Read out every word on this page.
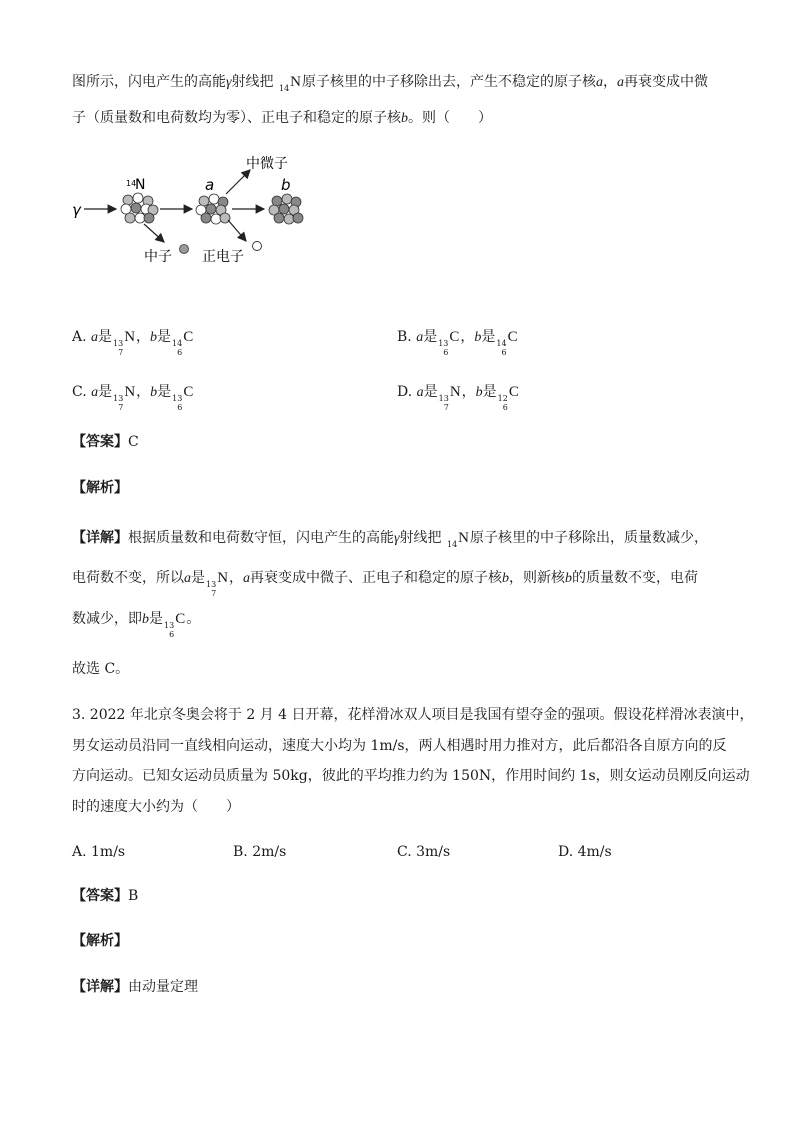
图所示，闪电产生的高能γ射线把 14
N原子核里的中子移除出去，产生不稳定的原子核a，a再衰变成中微
子（质量数和电荷数均为零）、正电子和稳定的原子核b。则（　　）
γ
14
N
中子
a
中微子
正电子
b
A. a是 13
7
N，b是 14
6
C	B. a是 13
6
C，b是 14
6
C
C. a是 13
7
N，b是 13
6
C	D. a是 13
7
N，b是 12
6
C
【答案】C
【解析】
【详解】根据质量数和电荷数守恒，闪电产生的高能γ射线把 14
N原子核里的中子移除出，质量数减少，
电荷数不变，所以a是 13
7
N，a再衰变成中微子、正电子和稳定的原子核b，则新核b的质量数不变，电荷
数减少，即b是 13
6
C。
故选 C。
3. 2022 年北京冬奥会将于 2 月 4 日开幕，花样滑冰双人项目是我国有望夺金的强项。假设花样滑冰表演中，
男女运动员沿同一直线相向运动，速度大小均为 1m/s，两人相遇时用力推对方，此后都沿各自原方向的反
方向运动。已知女运动员质量为 50kg，彼此的平均推力约为 150N，作用时间约 1s，则女运动员刚反向运动
时的速度大小约为（　　）
A. 1m/s	B. 2m/s	C. 3m/s	D. 4m/s
【答案】B
【解析】
【详解】由动量定理
